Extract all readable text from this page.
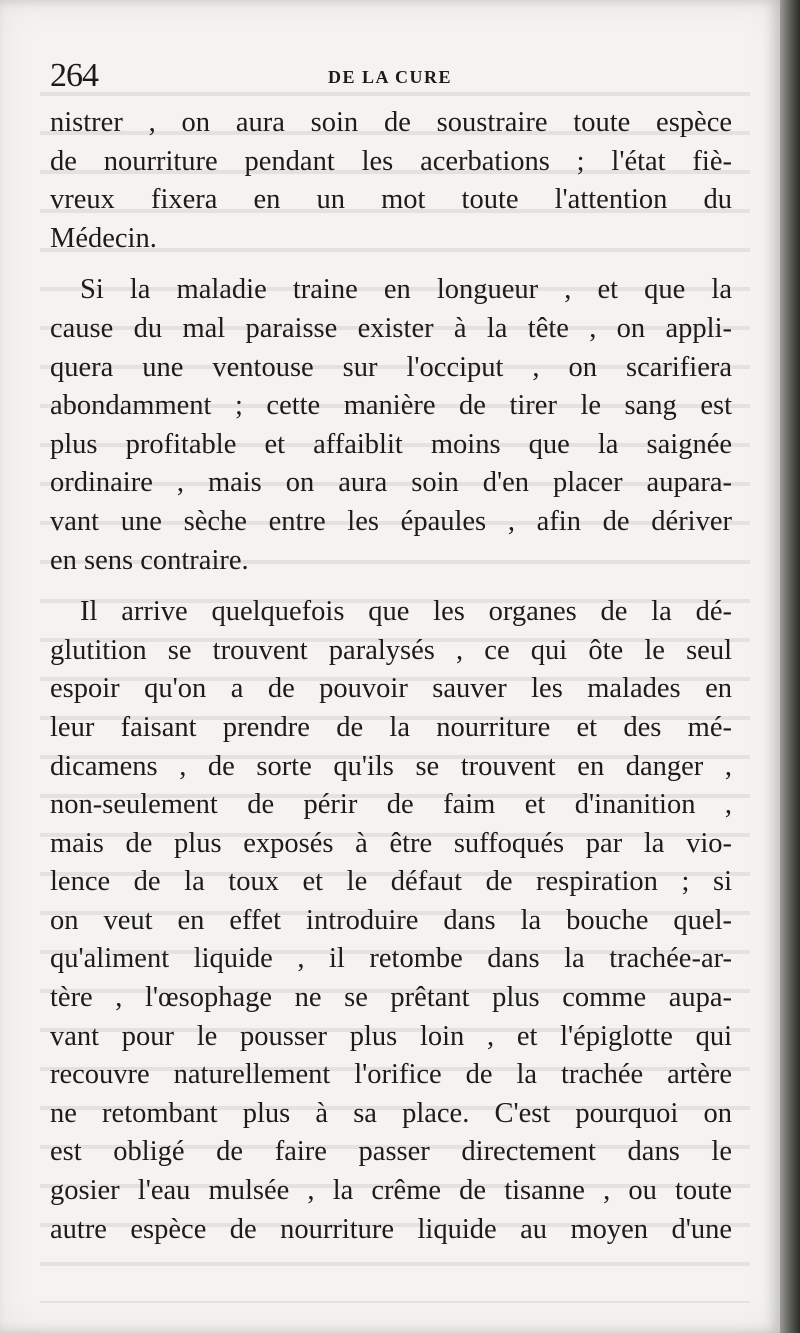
264	DE LA CURE
nistrer , on aura soin de soustraire toute espèce
de nourriture pendant les acerbations ; l'état fiè-
vreux fixera en un mot toute l'attention du
Médecin.
Si la maladie traine en longueur , et que la
cause du mal paraisse exister à la tête , on appli-
quera une ventouse sur l'occiput , on scarifiera
abondamment ; cette manière de tirer le sang est
plus profitable et affaiblit moins que la saignée
ordinaire , mais on aura soin d'en placer aupara-
vant une sèche entre les épaules , afin de dériver
en sens contraire.
Il arrive quelquefois que les organes de la dé-
glutition se trouvent paralysés , ce qui ôte le seul
espoir qu'on a de pouvoir sauver les malades en
leur faisant prendre de la nourriture et des mé-
dicamens , de sorte qu'ils se trouvent en danger ,
non-seulement de périr de faim et d'inanition ,
mais de plus exposés à être suffoqués par la vio-
lence de la toux et le défaut de respiration ; si
on veut en effet introduire dans la bouche quel-
qu'aliment liquide , il retombe dans la trachée-ar-
tère , l'œsophage ne se prêtant plus comme aupa-
vant pour le pousser plus loin , et l'épiglotte qui
recouvre naturellement l'orifice de la trachée artère
ne retombant plus à sa place. C'est pourquoi on
est obligé de faire passer directement dans le
gosier l'eau mulsée , la crême de tisanne , ou toute
autre espèce de nourriture liquide au moyen d'une
